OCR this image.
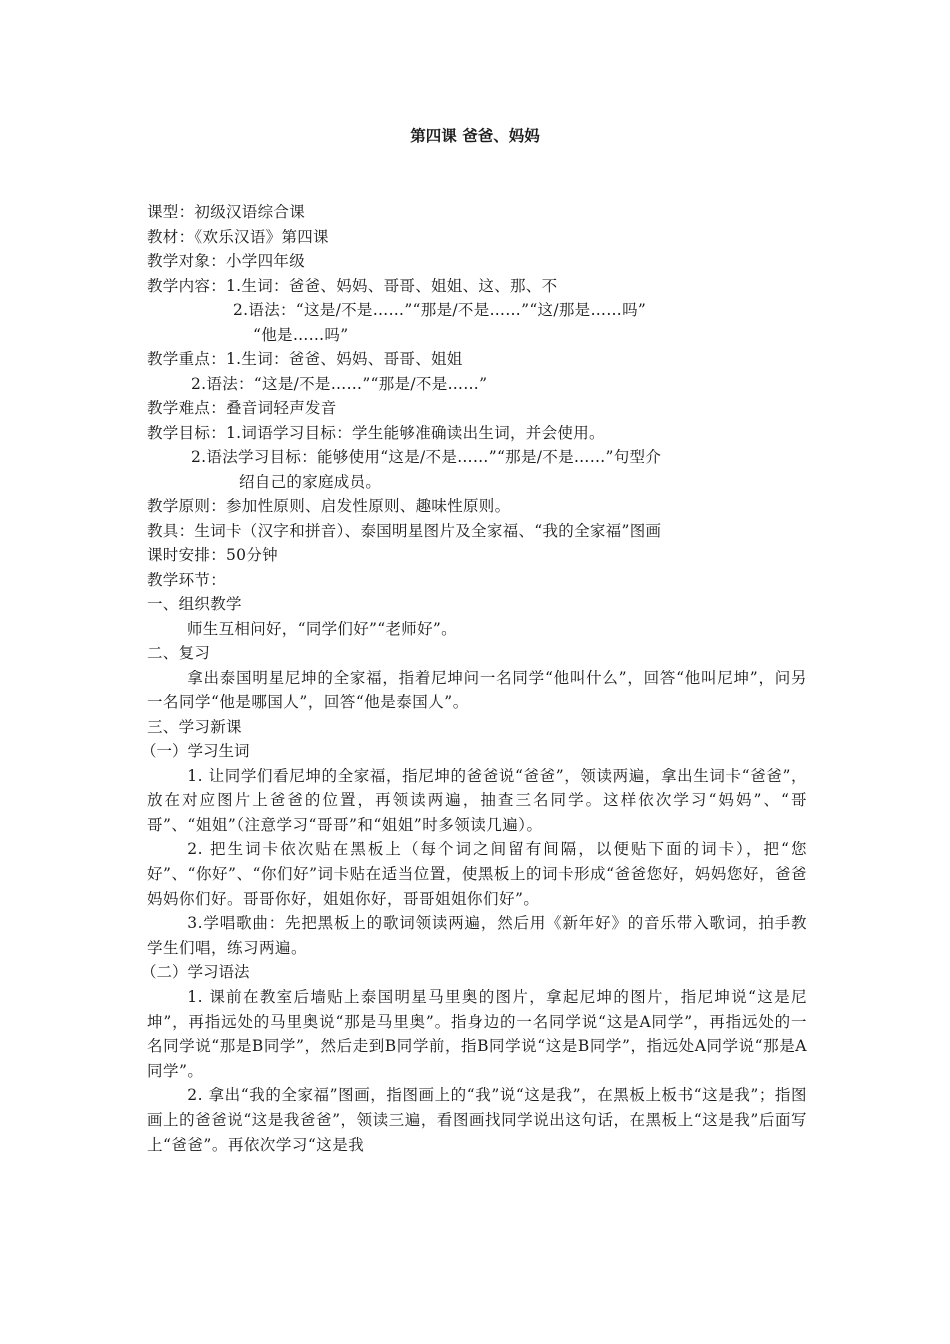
第四课 爸爸、妈妈
课型：初级汉语综合课
教材：《欢乐汉语》第四课
教学对象：小学四年级
教学内容：1.生词：爸爸、妈妈、哥哥、姐姐、这、那、不
2.语法：“这是/不是……”“那是/不是……”“这/那是……吗”
“他是……吗”
教学重点：1.生词：爸爸、妈妈、哥哥、姐姐
2.语法：“这是/不是……”“那是/不是……”
教学难点：叠音词轻声发音
教学目标：1.词语学习目标：学生能够准确读出生词，并会使用。
2.语法学习目标：能够使用“这是/不是……”“那是/不是……”句型介
绍自己的家庭成员。
教学原则：参加性原则、启发性原则、趣味性原则。
教具：生词卡（汉字和拼音）、泰国明星图片及全家福、“我的全家福”图画
课时安排：50分钟
教学环节：
一、组织教学
师生互相问好，“同学们好”“老师好”。
二、复习
拿出泰国明星尼坤的全家福，指着尼坤问一名同学“他叫什么”，回答“他叫尼坤”，问另一名同学“他是哪国人”，回答“他是泰国人”。
三、学习新课
（一）学习生词
1. 让同学们看尼坤的全家福，指尼坤的爸爸说“爸爸”，领读两遍，拿出生词卡“爸爸”，放在对应图片上爸爸的位置，再领读两遍，抽查三名同学。这样依次学习“妈妈”、“哥哥”、“姐姐”（注意学习“哥哥”和“姐姐”时多领读几遍）。
2. 把生词卡依次贴在黑板上（每个词之间留有间隔，以便贴下面的词卡），把“您好”、“你好”、“你们好”词卡贴在适当位置，使黑板上的词卡形成“爸爸您好，妈妈您好，爸爸妈妈你们好。哥哥你好，姐姐你好，哥哥姐姐你们好”。
3.学唱歌曲：先把黑板上的歌词领读两遍，然后用《新年好》的音乐带入歌词，拍手教学生们唱，练习两遍。
（二）学习语法
1. 课前在教室后墙贴上泰国明星马里奥的图片，拿起尼坤的图片，指尼坤说“这是尼坤”，再指远处的马里奥说“那是马里奥”。指身边的一名同学说“这是A同学”，再指远处的一名同学说“那是B同学”，然后走到B同学前，指B同学说“这是B同学”，指远处A同学说“那是A同学”。
2. 拿出“我的全家福”图画，指图画上的“我”说“这是我”，在黑板上板书“这是我”；指图画上的爸爸说“这是我爸爸”，领读三遍，看图画找同学说出这句话，在黑板上“这是我”后面写上“爸爸”。再依次学习“这是我
